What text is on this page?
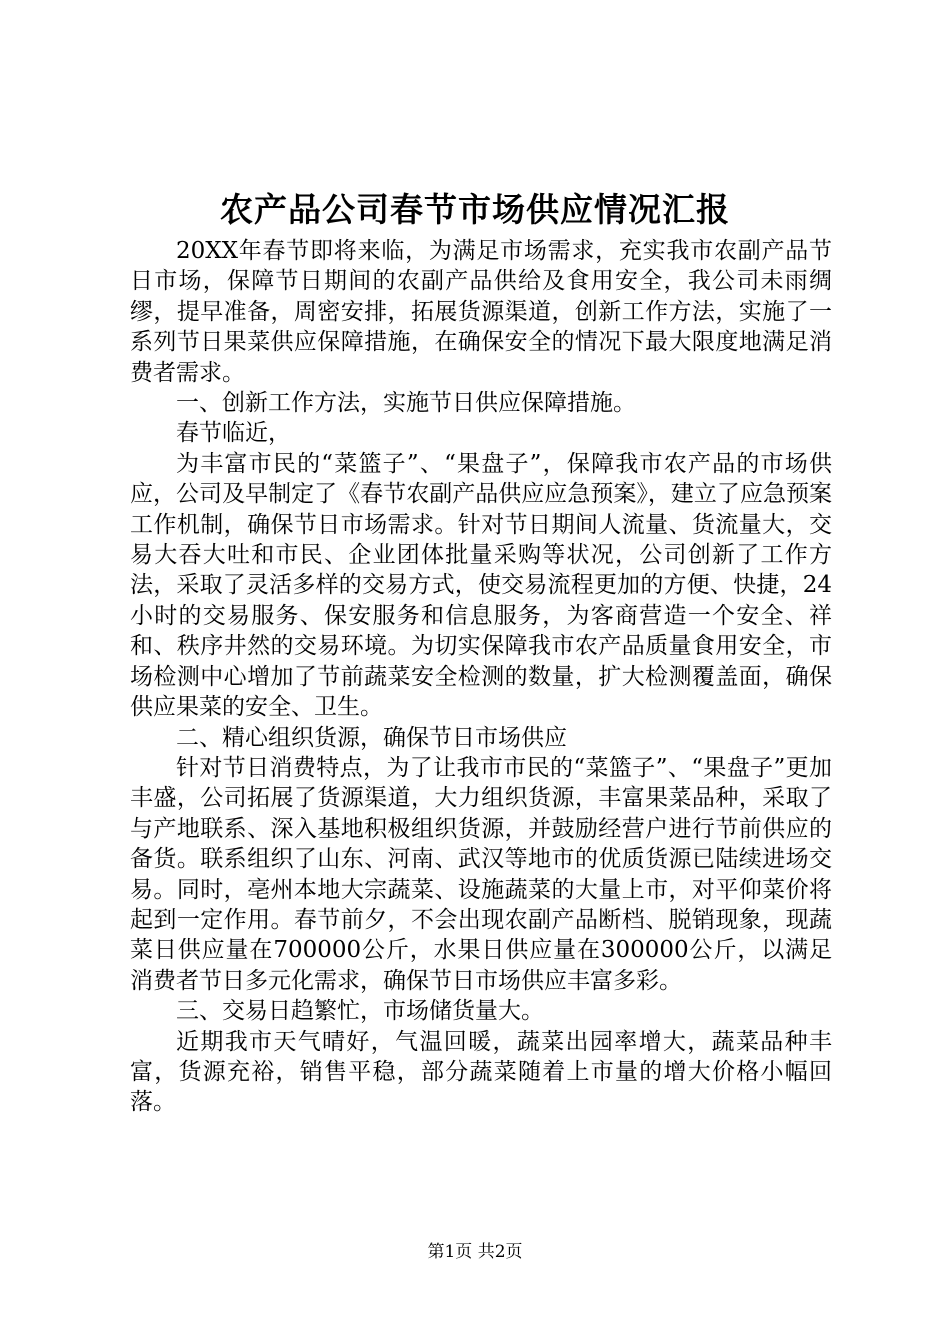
农产品公司春节市场供应情况汇报

20XX年春节即将来临，为满足市场需求，充实我市农副产品节日市场，保障节日期间的农副产品供给及食用安全，我公司未雨绸缪，提早准备，周密安排，拓展货源渠道，创新工作方法，实施了一系列节日果菜供应保障措施，在确保安全的情况下最大限度地满足消费者需求。

一、创新工作方法，实施节日供应保障措施。

春节临近，

为丰富市民的“菜篮子”、“果盘子”，保障我市农产品的市场供应，公司及早制定了《春节农副产品供应应急预案》，建立了应急预案工作机制，确保节日市场需求。针对节日期间人流量、货流量大，交易大吞大吐和市民、企业团体批量采购等状况，公司创新了工作方法，采取了灵活多样的交易方式，使交易流程更加的方便、快捷，24小时的交易服务、保安服务和信息服务，为客商营造一个安全、祥和、秩序井然的交易环境。为切实保障我市农产品质量食用安全，市场检测中心增加了节前蔬菜安全检测的数量，扩大检测覆盖面，确保供应果菜的安全、卫生。

二、精心组织货源，确保节日市场供应

针对节日消费特点，为了让我市市民的“菜篮子”、“果盘子”更加丰盛，公司拓展了货源渠道，大力组织货源，丰富果菜品种，采取了与产地联系、深入基地积极组织货源，并鼓励经营户进行节前供应的备货。联系组织了山东、河南、武汉等地市的优质货源已陆续进场交易。同时，亳州本地大宗蔬菜、设施蔬菜的大量上市，对平仰菜价将起到一定作用。春节前夕，不会出现农副产品断档、脱销现象，现蔬菜日供应量在700000公斤，水果日供应量在300000公斤，以满足消费者节日多元化需求，确保节日市场供应丰富多彩。

三、交易日趋繁忙，市场储货量大。

近期我市天气晴好，气温回暖，蔬菜出园率增大，蔬菜品种丰富，货源充裕，销售平稳，部分蔬菜随着上市量的增大价格小幅回落。

第1页 共2页
